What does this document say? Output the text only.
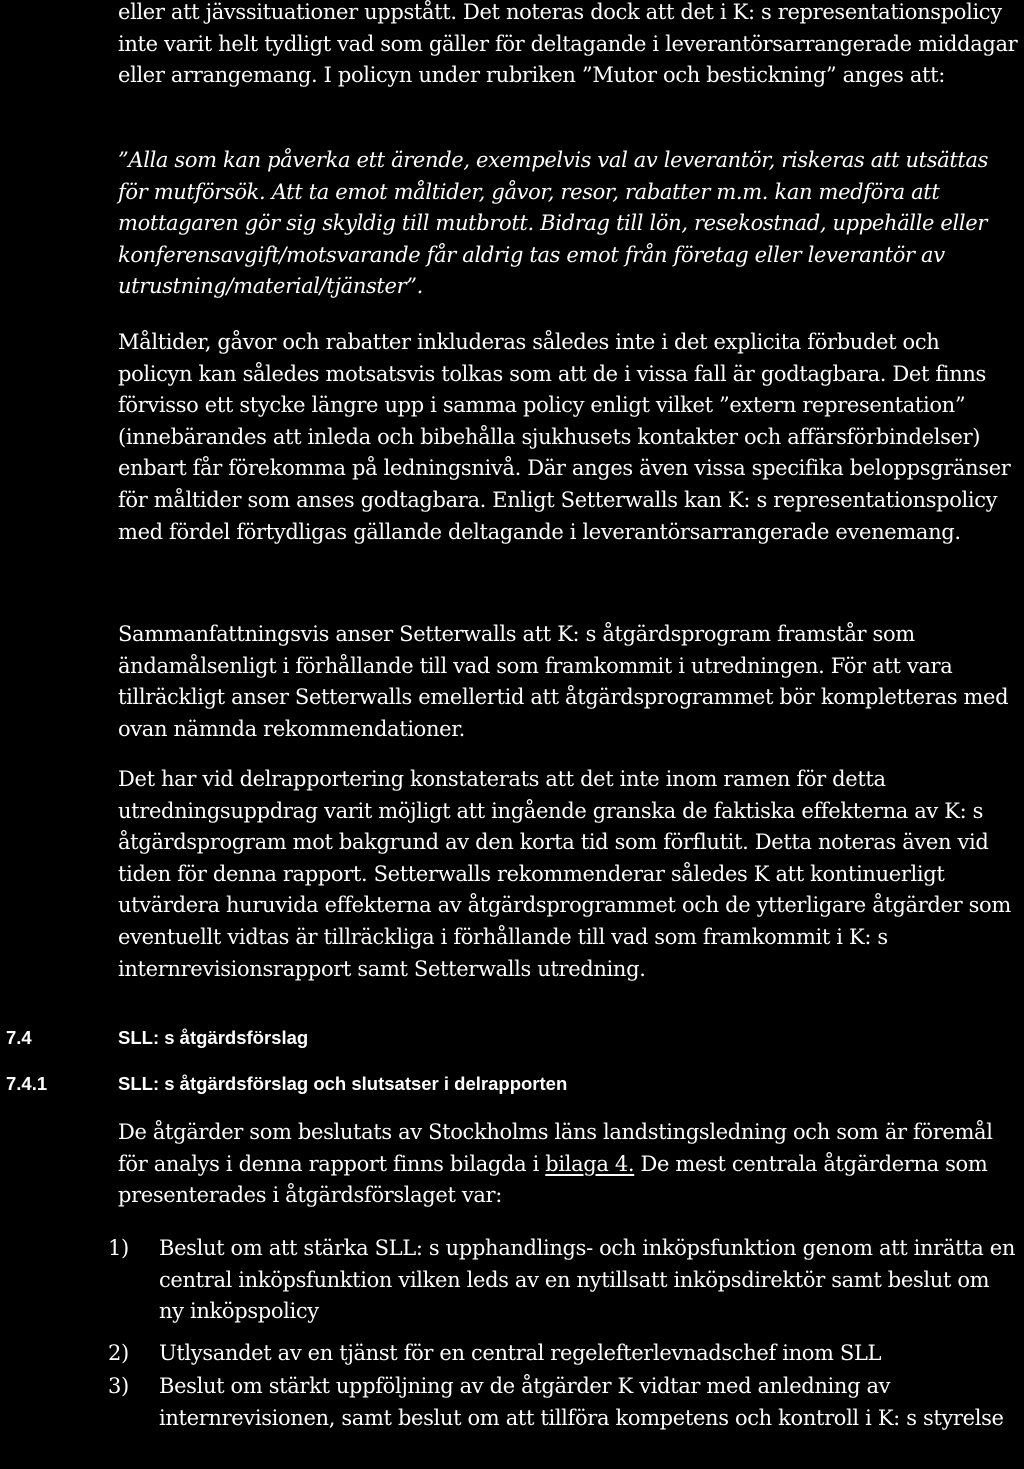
eller att jävssituationer uppstått. Det noteras dock att det i K: s representationspolicy inte varit helt tydligt vad som gäller för deltagande i leverantörsarrangerade middagar eller arrangemang. I policyn under rubriken ”Mutor och bestickning” anges att:

”Alla som kan påverka ett ärende, exempelvis val av leverantör, riskeras att utsättas för mutförsök. Att ta emot måltider, gåvor, resor, rabatter m.m. kan medföra att mottagaren gör sig skyldig till mutbrott. Bidrag till lön, resekostnad, uppehälle eller konferensavgift/motsvarande får aldrig tas emot från företag eller leverantör av utrustning/material/tjänster”.

Måltider, gåvor och rabatter inkluderas således inte i det explicita förbudet och policyn kan således motsatsvis tolkas som att de i vissa fall är godtagbara. Det finns förvisso ett stycke längre upp i samma policy enligt vilket ”extern representation” (innebärandes att inleda och bibehålla sjukhusets kontakter och affärsförbindelser) enbart får förekomma på ledningsnivå. Där anges även vissa specifika beloppsgränser för måltider som anses godtagbara. Enligt Setterwalls kan K: s representationspolicy med fördel förtydligas gällande deltagande i leverantörsarrangerade evenemang.

Sammanfattningsvis anser Setterwalls att K: s åtgärdsprogram framstår som ändamålsenligt i förhållande till vad som framkommit i utredningen. För att vara tillräckligt anser Setterwalls emellertid att åtgärdsprogrammet bör kompletteras med ovan nämnda rekommendationer.

Det har vid delrapportering konstaterats att det inte inom ramen för detta utredningsuppdrag varit möjligt att ingående granska de faktiska effekterna av K: s åtgärdsprogram mot bakgrund av den korta tid som förflutit. Detta noteras även vid tiden för denna rapport. Setterwalls rekommenderar således K att kontinuerligt utvärdera huruvida effekterna av åtgärdsprogrammet och de ytterligare åtgärder som eventuellt vidtas är tillräckliga i förhållande till vad som framkommit i K: s internrevisionsrapport samt Setterwalls utredning.

7.4	SLL: s åtgärdsförslag
7.4.1	SLL: s åtgärdsförslag och slutsatser i delrapporten

De åtgärder som beslutats av Stockholms läns landstingsledning och som är föremål för analys i denna rapport finns bilagda i bilaga 4. De mest centrala åtgärderna som presenterades i åtgärdsförslaget var:

1) Beslut om att stärka SLL: s upphandlings- och inköpsfunktion genom att inrätta en central inköpsfunktion vilken leds av en nytillsatt inköpsdirektör samt beslut om ny inköpspolicy
2) Utlysandet av en tjänst för en central regelefterlevnadschef inom SLL
3) Beslut om stärkt uppföljning av de åtgärder K vidtar med anledning av internrevisionen, samt beslut om att tillföra kompetens och kontroll i K: s styrelse
